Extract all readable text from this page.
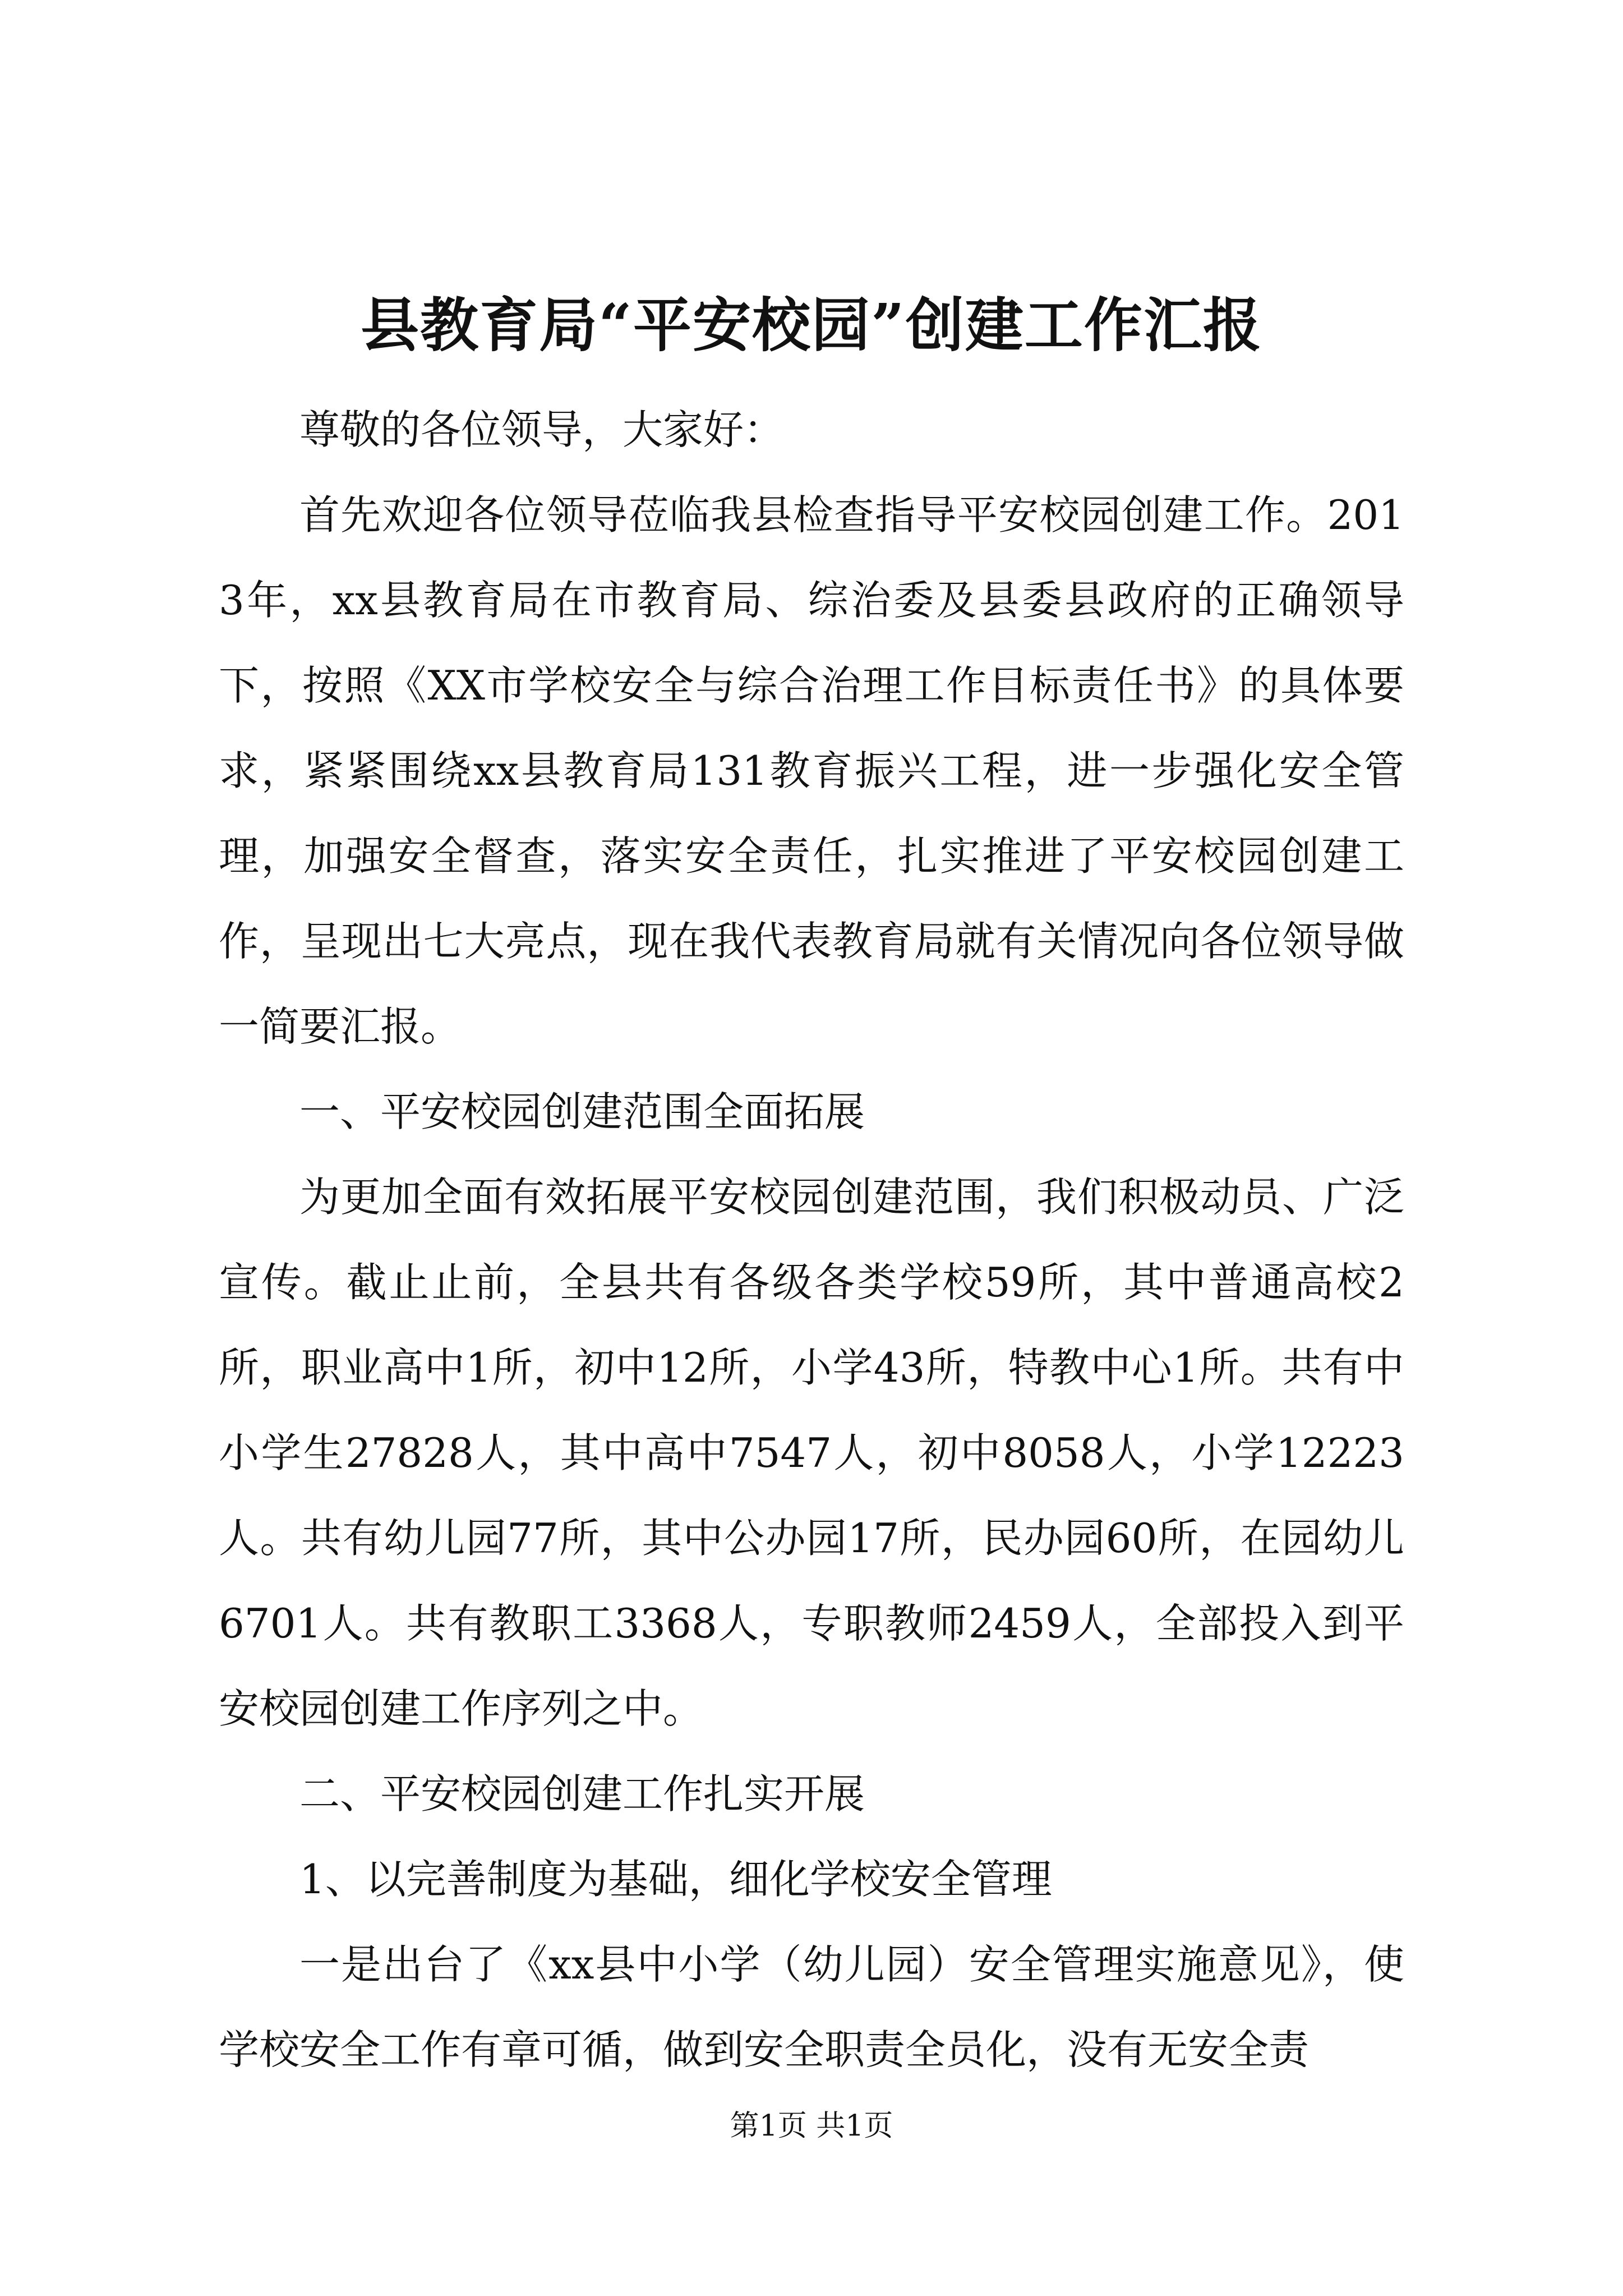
县教育局“平安校园”创建工作汇报

尊敬的各位领导，大家好：

首先欢迎各位领导莅临我县检查指导平安校园创建工作。2013年，xx县教育局在市教育局、综治委及县委县政府的正确领导下，按照《XX市学校安全与综合治理工作目标责任书》的具体要求，紧紧围绕xx县教育局131教育振兴工程，进一步强化安全管理，加强安全督查，落实安全责任，扎实推进了平安校园创建工作，呈现出七大亮点，现在我代表教育局就有关情况向各位领导做一简要汇报。

一、平安校园创建范围全面拓展

为更加全面有效拓展平安校园创建范围，我们积极动员、广泛宣传。截止止前，全县共有各级各类学校59所，其中普通高校2所，职业高中1所，初中12所，小学43所，特教中心1所。共有中小学生27828人，其中高中7547人，初中8058人，小学12223人。共有幼儿园77所，其中公办园17所，民办园60所，在园幼儿6701人。共有教职工3368人，专职教师2459人，全部投入到平安校园创建工作序列之中。

二、平安校园创建工作扎实开展

1、以完善制度为基础，细化学校安全管理

一是出台了《xx县中小学（幼儿园）安全管理实施意见》，使学校安全工作有章可循，做到安全职责全员化，没有无安全责

第1页 共1页
